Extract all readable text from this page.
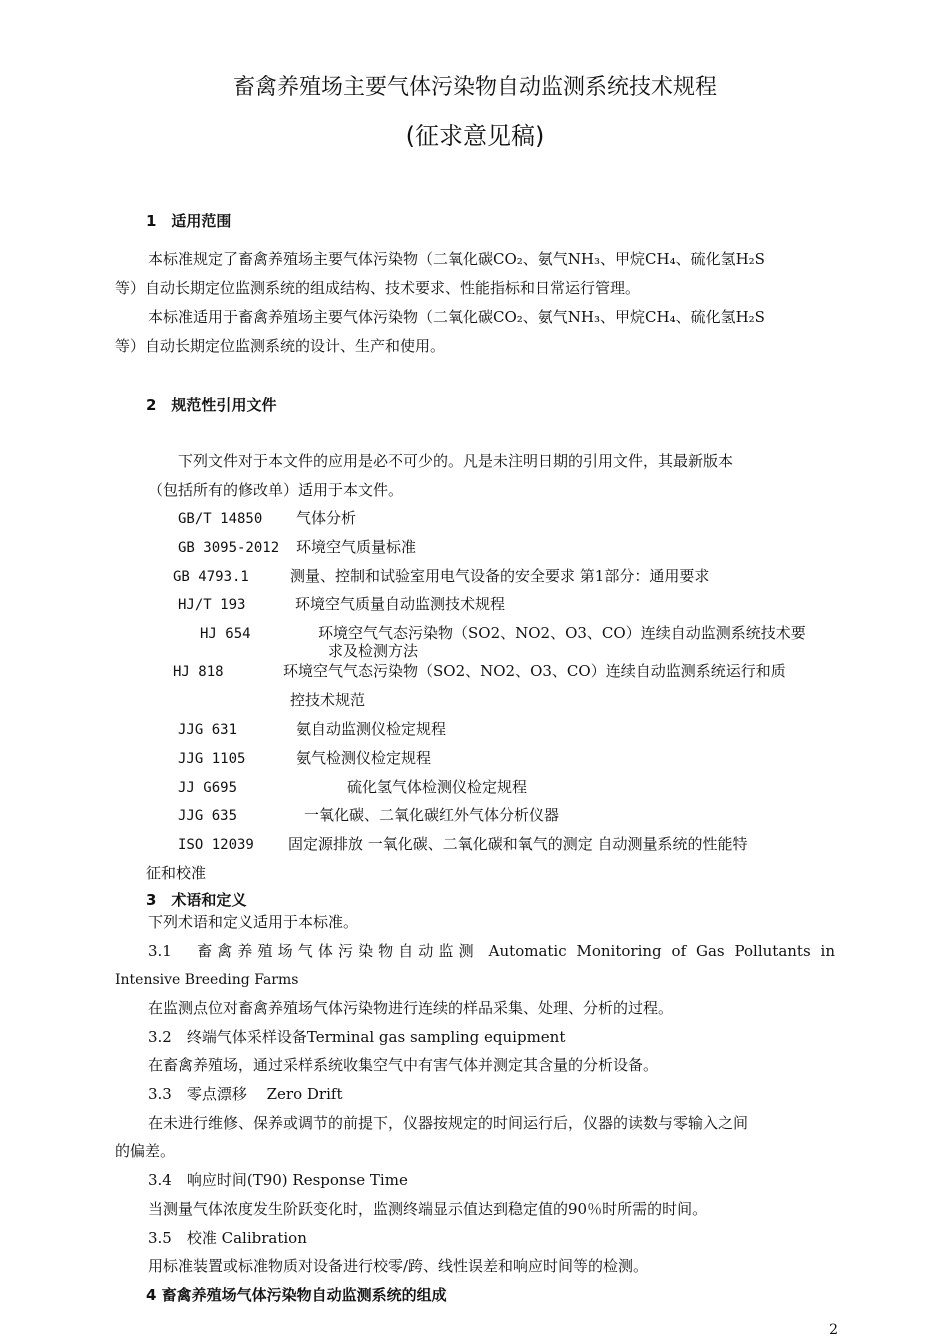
畜禽养殖场主要气体污染物自动监测系统技术规程
(征求意见稿)
1　适用范围
本标准规定了畜禽养殖场主要气体污染物（二氧化碳CO₂、氨气NH₃、甲烷CH₄、硫化氢H₂S
等）自动长期定位监测系统的组成结构、技术要求、性能指标和日常运行管理。
本标准适用于畜禽养殖场主要气体污染物（二氧化碳CO₂、氨气NH₃、甲烷CH₄、硫化氢H₂S
等）自动长期定位监测系统的设计、生产和使用。
2　规范性引用文件
下列文件对于本文件的应用是必不可少的。凡是未注明日期的引用文件，其最新版本
（包括所有的修改单）适用于本文件。
GB/T 14850 气体分析
GB 3095-2012 环境空气质量标准
GB 4793.1	测量、控制和试验室用电气设备的安全要求 第1部分：通用要求
HJ/T 193	环境空气质量自动监测技术规程
HJ 654	环境空气气态污染物（SO2、NO2、O3、CO）连续自动监测系统技术要
求及检测方法
HJ 818	环境空气气态污染物（SO2、NO2、O3、CO）连续自动监测系统运行和质
控技术规范
JJG 631	氨自动监测仪检定规程
JJG 1105	氨气检测仪检定规程
JJ G695	硫化氢气体检测仪检定规程
JJG 635	一氧化碳、二氧化碳红外气体分析仪器
ISO 12039 固定源排放 一氧化碳、二氧化碳和氧气的测定 自动测量系统的性能特
征和校准
3　术语和定义
下列术语和定义适用于本标准。
3.1　畜禽养殖场气体污染物自动监测 Automatic Monitoring of Gas Pollutants in
Intensive Breeding Farms
在监测点位对畜禽养殖场气体污染物进行连续的样品采集、处理、分析的过程。
3.2　终端气体采样设备Terminal gas sampling equipment
在畜禽养殖场，通过采样系统收集空气中有害气体并测定其含量的分析设备。
3.3　零点漂移　 Zero Drift
在未进行维修、保养或调节的前提下，仪器按规定的时间运行后，仪器的读数与零输入之间
的偏差。
3.4　响应时间(T90) Response Time
当测量气体浓度发生阶跃变化时，监测终端显示值达到稳定值的90％时所需的时间。
3.5　校准 Calibration
用标准装置或标准物质对设备进行校零/跨、线性误差和响应时间等的检测。
4 畜禽养殖场气体污染物自动监测系统的组成
2
